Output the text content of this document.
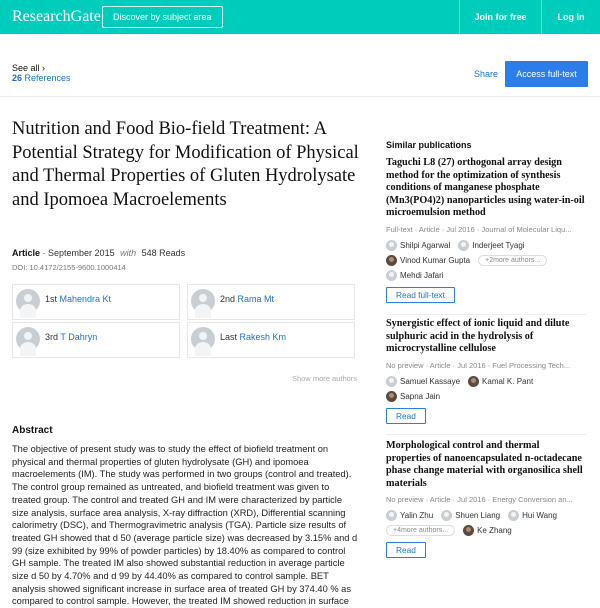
ResearchGate	Discover by subject area	Join for free	Log in
See all ›
26 References	Share	Access full-text
Nutrition and Food Bio-field Treatment: A Potential Strategy for Modification of Physical and Thermal Properties of Gluten Hydrolysate and Ipomoea Macroelements
Article · September 2015 with 548 Reads
DOI: 10.4172/2155-9600.1000414
1st Mahendra Kt	2nd Rama Mt
3rd T Dahryn	Last Rakesh Km
Show more authors
Abstract
The objective of present study was to study the effect of biofield treatment on physical and thermal properties of gluten hydrolysate (GH) and ipomoea macroelements (IM). The study was performed in two groups (control and treated). The control group remained as untreated, and biofield treatment was given to treated group. The control and treated GH and IM were characterized by particle size analysis, surface area analysis, X-ray diffraction (XRD), Differential scanning calorimetry (DSC), and Thermogravimetric analysis (TGA). Particle size results of treated GH showed that d 50 (average particle size) was decreased by 3.15% and d 99 (size exhibited by 99% of powder particles) by 18.40% as compared to control GH sample. The treated IM also showed substantial reduction in average particle size d 50 by 4.70% and d 99 by 44.40% as compared to control sample. BET analysis showed significant increase in surface area of treated GH by 374.40 % as compared to control sample. However, the treated IM showed reduction in surface
Similar publications
Taguchi L8 (27) orthogonal array design method for the optimization of synthesis conditions of manganese phosphate (Mn3(PO4)2) nanoparticles using water-in-oil microemulsion method
Full-text · Article · Jul 2016 · Journal of Molecular Liqu...
Shilpi Agarwal	Inderjeet Tyagi
Vinod Kumar Gupta	+2more authors...
Mehdi Jafari
Read full-text
Synergistic effect of ionic liquid and dilute sulphuric acid in the hydrolysis of microcrystalline cellulose
No preview · Article · Jul 2016 · Fuel Processing Tech...
Samuel Kassaye	Kamal K. Pant
Sapna Jain
Read
Morphological control and thermal properties of nanoencapsulated n-octadecane phase change material with organosilica shell materials
No preview · Article · Jul 2016 · Energy Conversion an...
Yalin Zhu	Shuen Liang	Hui Wang
+4more authors...	Ke Zhang
Read
